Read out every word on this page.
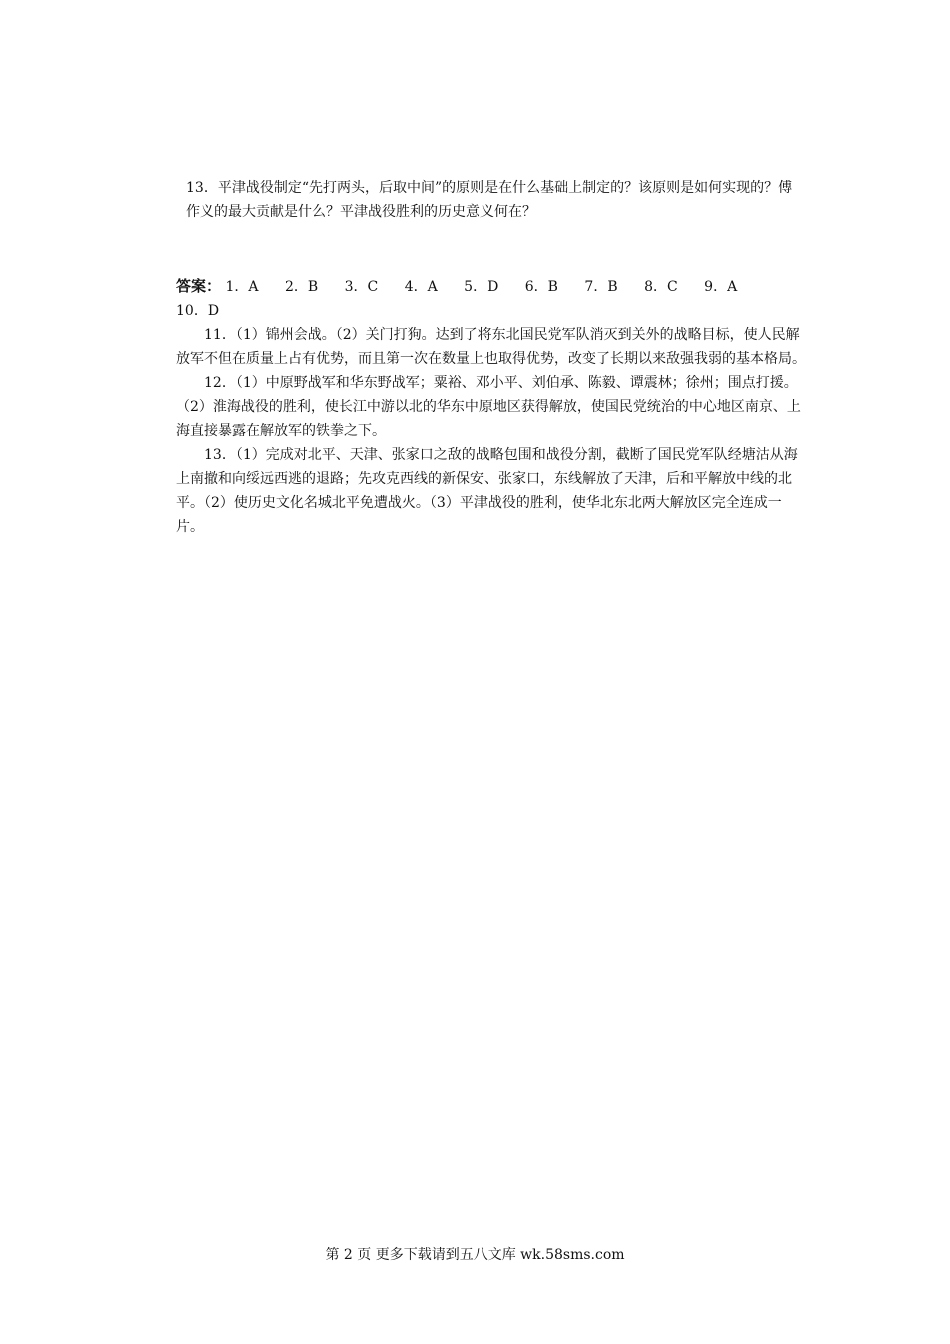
13．平津战役制定“先打两头，后取中间”的原则是在什么基础上制定的？该原则是如何实现的？傅作义的最大贡献是什么？平津战役胜利的历史意义何在？
答案： 1．A 2．B 3．C 4．A 5．D 6．B 7．B 8．C 9．A
10．D

11．（1）锦州会战。（2）关门打狗。达到了将东北国民党军队消灭到关外的战略目标，使人民解放军不但在质量上占有优势，而且第一次在数量上也取得优势，改变了长期以来敌强我弱的基本格局。

12．（1）中原野战军和华东野战军；粟裕、邓小平、刘伯承、陈毅、谭震林；徐州；围点打援。（2）淮海战役的胜利，使长江中游以北的华东中原地区获得解放，使国民党统治的中心地区南京、上海直接暴露在解放军的铁拳之下。

13．（1）完成对北平、天津、张家口之敌的战略包围和战役分割，截断了国民党军队经塘沽从海上南撤和向绥远西逃的退路；先攻克西线的新保安、张家口，东线解放了天津，后和平解放中线的北平。（2）使历史文化名城北平免遭战火。（3）平津战役的胜利，使华北东北两大解放区完全连成一片。

第 2 页 更多下载请到五八文库 wk.58sms.com
